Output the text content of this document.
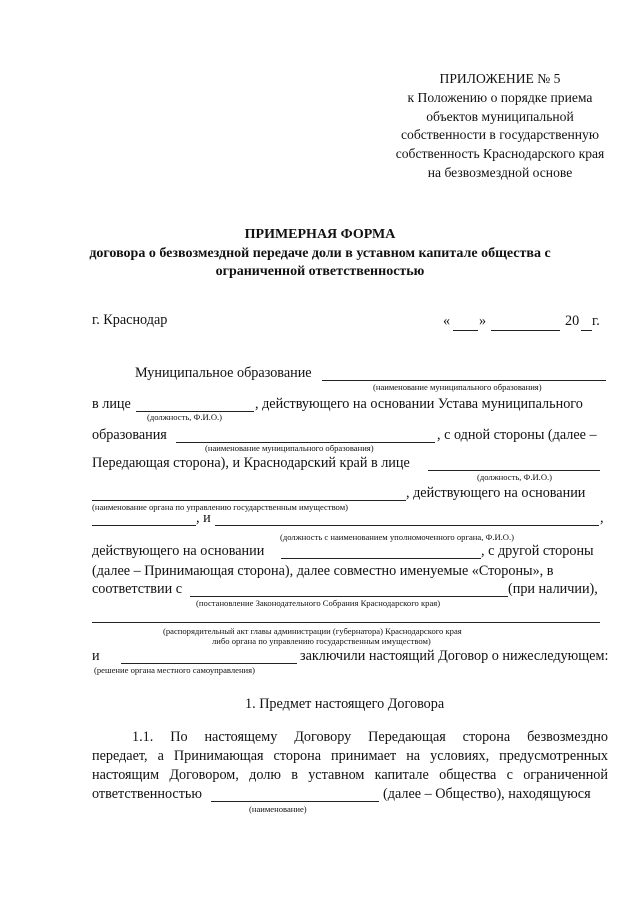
ПРИЛОЖЕНИЕ № 5
к Положению о порядке приема
объектов муниципальной
собственности в государственную
собственность Краснодарского края
на безвозмездной основе
ПРИМЕРНАЯ ФОРМА
договора о безвозмездной передаче доли в уставном капитале общества с
ограниченной ответственностью
г. Краснодар	« »	20 г.
Муниципальное образование
(наименование муниципального образования)
в лице	, действующего на основании Устава муниципального
(должность, Ф.И.О.)
образования	, с одной стороны (далее –
(наименование муниципального образования)
Передающая сторона), и Краснодарский край в лице
(должность, Ф.И.О.)
, действующего на основании
(наименование органа по управлению государственным имуществом)
, и	,
(должность с наименованием уполномоченного органа, Ф.И.О.)
действующего на основании	, с другой стороны
(далее – Принимающая сторона), далее совместно именуемые «Стороны», в
соответствии с	(при наличии),
(постановление Законодательного Собрания Краснодарского края)
(распорядительный акт главы администрации (губернатора) Краснодарского края
либо органа по управлению государственным имуществом)
и	заключили настоящий Договор о нижеследующем:
(решение органа местного самоуправления)
1. Предмет настоящего Договора
1.1. По настоящему Договору Передающая сторона безвозмездно
передает, а Принимающая сторона принимает на условиях, предусмотренных
настоящим Договором, долю в уставном капитале общества с ограниченной
ответственностью	(далее – Общество), находящуюся
(наименование)
